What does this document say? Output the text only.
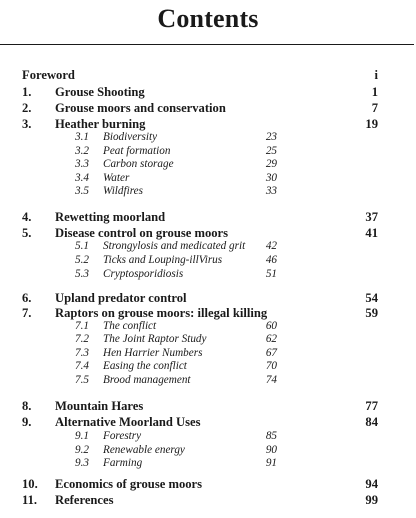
Contents
Foreword	i
1. Grouse Shooting	1
2. Grouse moors and conservation	7
3. Heather burning	19
3.1 Biodiversity	23
3.2 Peat formation	25
3.3 Carbon storage	29
3.4 Water	30
3.5 Wildfires	33
4. Rewetting moorland	37
5. Disease control on grouse moors	41
5.1 Strongylosis and medicated grit	42
5.2 Ticks and Louping-illVirus	46
5.3 Cryptosporidiosis	51
6. Upland predator control	54
7. Raptors on grouse moors: illegal killing	59
7.1 The conflict	60
7.2 The Joint Raptor Study	62
7.3 Hen Harrier Numbers	67
7.4 Easing the conflict	70
7.5 Brood management	74
8. Mountain Hares	77
9. Alternative Moorland Uses	84
9.1 Forestry	85
9.2 Renewable energy	90
9.3 Farming	91
10. Economics of grouse moors	94
11. References	99
